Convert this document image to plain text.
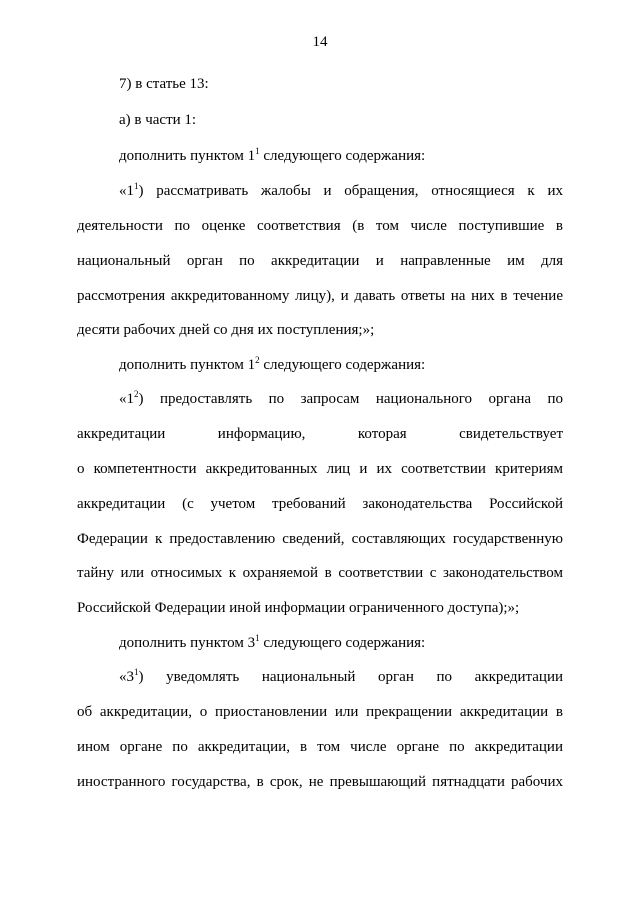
14

7) в статье 13:

а) в части 1:

дополнить пунктом $1^1$ следующего содержания:

«$1^1$) рассматривать жалобы и обращения, относящиеся к их

деятельности по оценке соответствия (в том числе поступившие в

национальный орган по аккредитации и направленные им для

рассмотрения аккредитованному лицу), и давать ответы на них в течение

десяти рабочих дней со дня их поступления;»;

дополнить пунктом $1^2$ следующего содержания:

«$1^2$) предоставлять по запросам национального органа по

аккредитации информацию, которая свидетельствует

о компетентности аккредитованных лиц и их соответствии критериям

аккредитации (с учетом требований законодательства Российской

Федерации к предоставлению сведений, составляющих государственную

тайну или относимых к охраняемой в соответствии с законодательством

Российской Федерации иной информации ограниченного доступа);»;

дополнить пунктом $3^1$ следующего содержания:

«$3^1$) уведомлять национальный орган по аккредитации

об аккредитации, о приостановлении или прекращении аккредитации в

ином органе по аккредитации, в том числе органе по аккредитации

иностранного государства, в срок, не превышающий пятнадцати рабочих
